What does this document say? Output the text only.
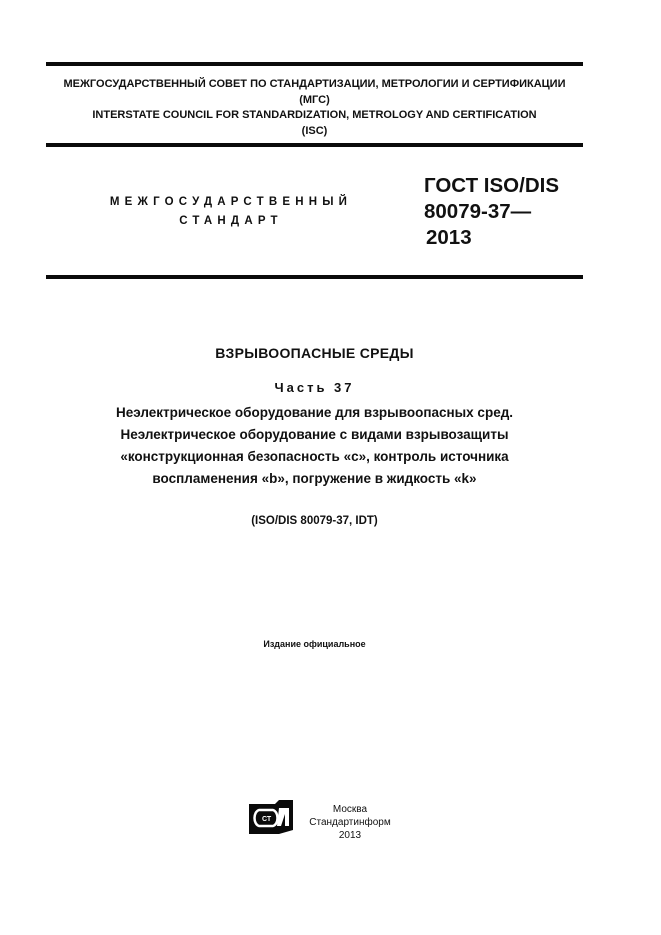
МЕЖГОСУДАРСТВЕННЫЙ СОВЕТ ПО СТАНДАРТИЗАЦИИ, МЕТРОЛОГИИ И СЕРТИФИКАЦИИ
(МГС)
INTERSTATE COUNCIL FOR STANDARDIZATION, METROLOGY AND CERTIFICATION
(ISC)
МЕЖГОСУДАРСТВЕННЫЙ
СТАНДАРТ
ГОСТ ISO/DIS
80079-37—
2013
ВЗРЫВООПАСНЫЕ СРЕДЫ
Часть 37
Неэлектрическое оборудование для взрывоопасных сред.
Неэлектрическое оборудование с видами взрывозащиты
«конструкционная безопасность «с», контроль источника
воспламенения «b», погружение в жидкость «k»
(ISO/DIS 80079-37, IDT)
Издание официальное
СТ
Москва
Стандартинформ
2013
